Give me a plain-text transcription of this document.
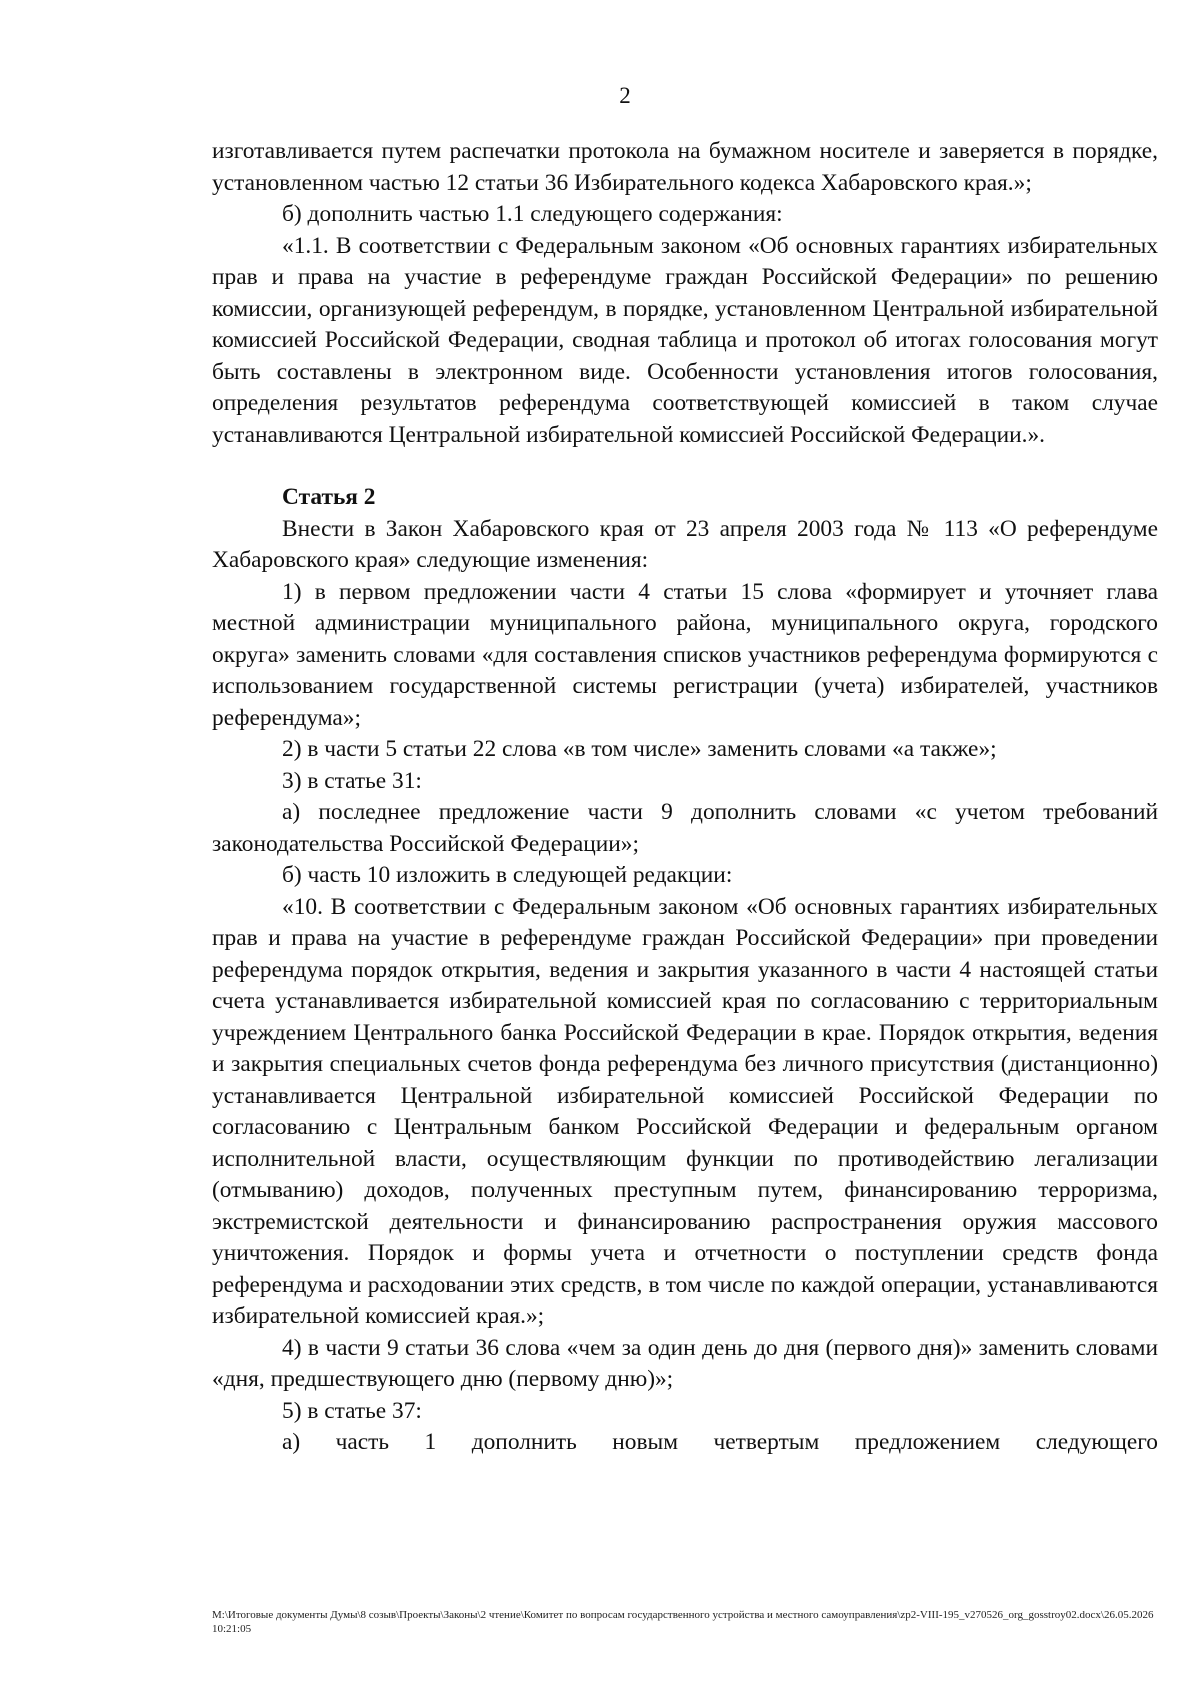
2

изготавливается путем распечатки протокола на бумажном носителе и заверяется в порядке, установленном частью 12 статьи 36 Избирательного кодекса Хабаровского края.»;

б) дополнить частью 1.1 следующего содержания:

«1.1. В соответствии с Федеральным законом «Об основных гарантиях избирательных прав и права на участие в референдуме граждан Российской Федерации» по решению комиссии, организующей референдум, в порядке, установленном Центральной избирательной комиссией Российской Федерации, сводная таблица и протокол об итогах голосования могут быть составлены в электронном виде. Особенности установления итогов голосования, определения результатов референдума соответствующей комиссией в таком случае устанавливаются Центральной избирательной комиссией Российской Федерации.».

Статья 2

Внести в Закон Хабаровского края от 23 апреля 2003 года № 113 «О референдуме Хабаровского края» следующие изменения:

1) в первом предложении части 4 статьи 15 слова «формирует и уточняет глава местной администрации муниципального района, муниципального округа, городского округа» заменить словами «для составления списков участников референдума формируются с использованием государственной системы регистрации (учета) избирателей, участников референдума»;

2) в части 5 статьи 22 слова «в том числе» заменить словами «а также»;

3) в статье 31:

а) последнее предложение части 9 дополнить словами «с учетом требований законодательства Российской Федерации»;

б) часть 10 изложить в следующей редакции:

«10. В соответствии с Федеральным законом «Об основных гарантиях избирательных прав и права на участие в референдуме граждан Российской Федерации» при проведении референдума порядок открытия, ведения и закрытия указанного в части 4 настоящей статьи счета устанавливается избирательной комиссией края по согласованию с территориальным учреждением Центрального банка Российской Федерации в крае. Порядок открытия, ведения и закрытия специальных счетов фонда референдума без личного присутствия (дистанционно) устанавливается Центральной избирательной комиссией Российской Федерации по согласованию с Центральным банком Российской Федерации и федеральным органом исполнительной власти, осуществляющим функции по противодействию легализации (отмыванию) доходов, полученных преступным путем, финансированию терроризма, экстремистской деятельности и финансированию распространения оружия массового уничтожения. Порядок и формы учета и отчетности о поступлении средств фонда референдума и расходовании этих средств, в том числе по каждой операции, устанавливаются избирательной комиссией края.»;

4) в части 9 статьи 36 слова «чем за один день до дня (первого дня)» заменить словами «дня, предшествующего дню (первому дню)»;

5) в статье 37:

а) часть 1 дополнить новым четвертым предложением следующего

M:\Итоговые документы Думы\8 созыв\Проекты\Законы\2 чтение\Комитет по вопросам государственного устройства и местного самоуправления\zp2-VIII-195_v270526_org_gosstroy02.docx\26.05.2026 10:21:05
